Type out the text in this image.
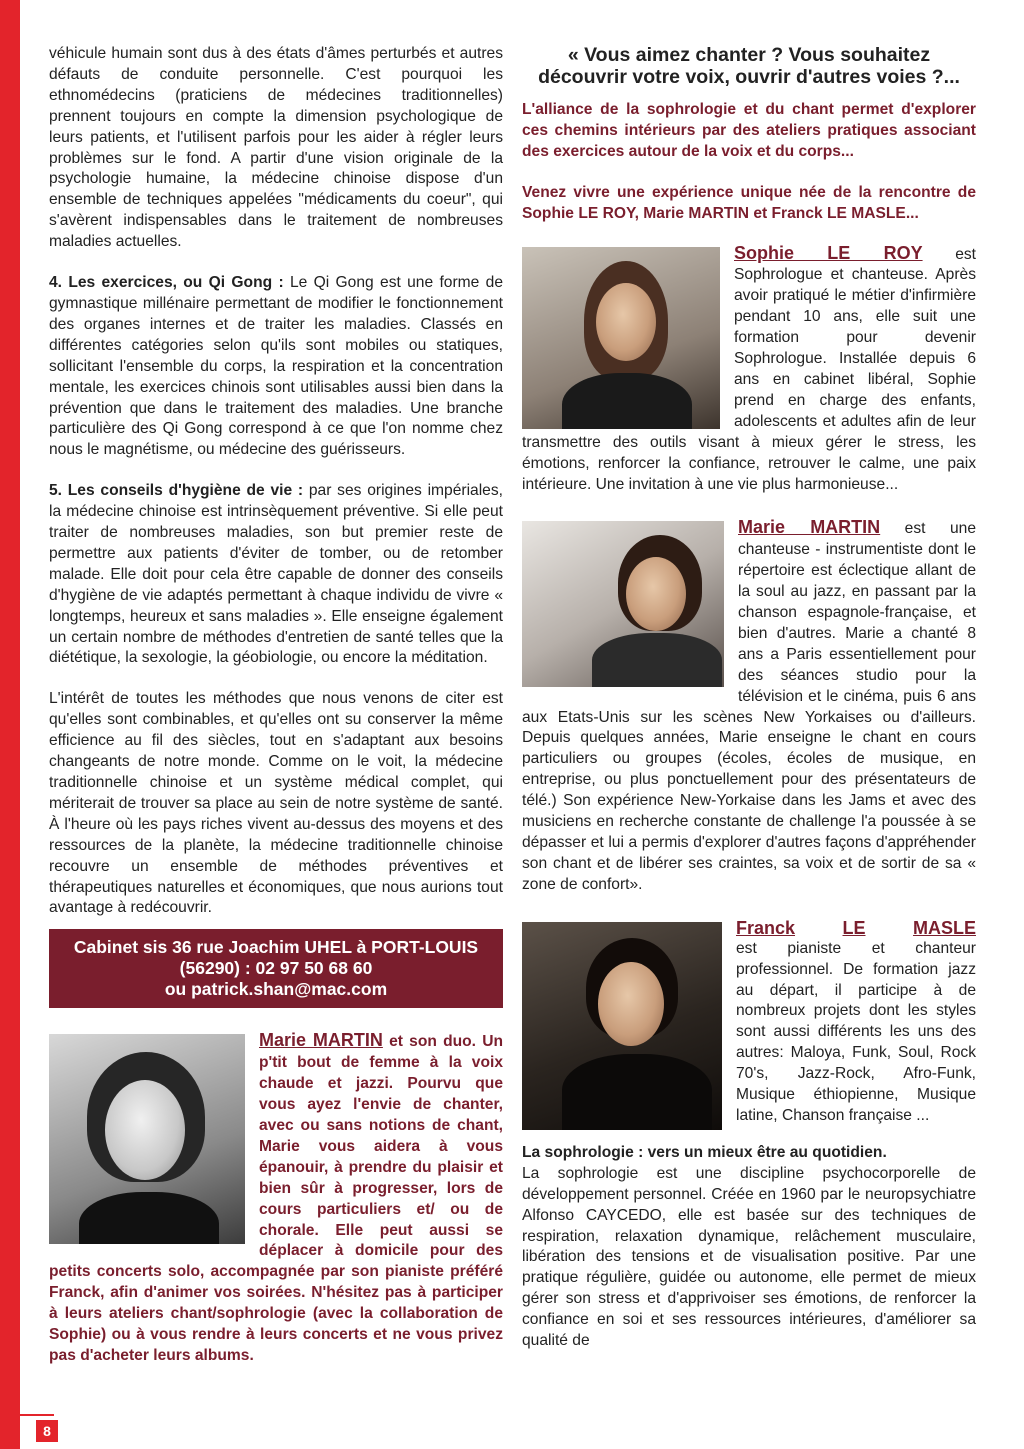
8

véhicule humain sont dus à des états d'âmes perturbés et autres défauts de conduite personnelle. C'est pourquoi les ethnomédecins (praticiens de médecines traditionnelles) prennent toujours en compte la dimension psychologique de leurs patients, et l'utilisent parfois pour les aider à régler leurs problèmes sur le fond. A partir d'une vision originale de la psychologie humaine, la médecine chinoise dispose d'un ensemble de techniques appelées "médicaments du coeur", qui s'avèrent indispensables dans le traitement de nombreuses maladies actuelles.

4. Les exercices, ou Qi Gong : Le Qi Gong est une forme de gymnastique millénaire permettant de modifier le fonctionnement des organes internes et de traiter les maladies. Classés en différentes catégories selon qu'ils sont mobiles ou statiques, sollicitant l'ensemble du corps, la respiration et la concentration mentale, les exercices chinois sont utilisables aussi bien dans la prévention que dans le traitement des maladies. Une branche particulière des Qi Gong correspond à ce que l'on nomme chez nous le magnétisme, ou médecine des guérisseurs.

5. Les conseils d'hygiène de vie : par ses origines impériales, la médecine chinoise est intrinsèquement préventive. Si elle peut traiter de nombreuses maladies, son but premier reste de permettre aux patients d'éviter de tomber, ou de retomber malade. Elle doit pour cela être capable de donner des conseils d'hygiène de vie adaptés permettant à chaque individu de vivre « longtemps, heureux et sans maladies ». Elle enseigne également un certain nombre de méthodes d'entretien de santé telles que la diététique, la sexologie, la géobiologie, ou encore la méditation.

L'intérêt de toutes les méthodes que nous venons de citer est qu'elles sont combinables, et qu'elles ont su conserver la même efficience au fil des siècles, tout en s'adaptant aux besoins changeants de notre monde. Comme on le voit, la médecine traditionnelle chinoise et un système médical complet, qui mériterait de trouver sa place au sein de notre système de santé. À l'heure où les pays riches vivent au-dessus des moyens et des ressources de la planète, la médecine traditionnelle chinoise recouvre un ensemble de méthodes préventives et thérapeutiques naturelles et économiques, que nous aurions tout avantage à redécouvrir.

Cabinet sis 36 rue Joachim UHEL à PORT-LOUIS
(56290) : 02 97 50 68 60
ou patrick.shan@mac.com

Marie MARTIN et son duo. Un p'tit bout de femme à la voix chaude et jazzi. Pourvu que vous ayez l'envie de chanter, avec ou sans notions de chant, Marie vous aidera à vous épanouir, à prendre du plaisir et bien sûr à progresser, lors de cours particuliers et/ ou de chorale. Elle peut aussi se déplacer à domicile pour des petits concerts solo, accompagnée par son pianiste préféré Franck, afin d'animer vos soirées. N'hésitez pas à participer à leurs ateliers chant/sophrologie (avec la collaboration de Sophie) ou à vous rendre à leurs concerts et ne vous privez pas d'acheter leurs albums.

« Vous aimez chanter ? Vous souhaitez découvrir votre voix, ouvrir d'autres voies ?...

L'alliance de la sophrologie et du chant permet d'explorer ces chemins intérieurs par des ateliers pratiques associant des exercices autour de la voix et du corps...

Venez vivre une expérience unique née de la rencontre de Sophie LE ROY, Marie MARTIN et Franck LE MASLE...

Sophie LE ROY est Sophrologue et chanteuse. Après avoir pratiqué le métier d'infirmière pendant 10 ans, elle suit une formation pour devenir Sophrologue. Installée depuis 6 ans en cabinet libéral, Sophie prend en charge des enfants, adolescents et adultes afin de leur transmettre des outils visant à mieux gérer le stress, les émotions, renforcer la confiance, retrouver le calme, une paix intérieure. Une invitation à une vie plus harmonieuse...

Marie MARTIN est une chanteuse - instrumentiste dont le répertoire est éclectique allant de la soul au jazz, en passant par la chanson espagnole-française, et bien d'autres. Marie a chanté 8 ans a Paris essentiellement pour des séances studio pour la télévision et le cinéma, puis 6 ans aux Etats-Unis sur les scènes New Yorkaises ou d'ailleurs. Depuis quelques années, Marie enseigne le chant en cours particuliers ou groupes (écoles, écoles de musique, en entreprise, ou plus ponctuellement pour des présentateurs de télé.) Son expérience New-Yorkaise dans les Jams et avec des musiciens en recherche constante de challenge l'a poussée à se dépasser et lui a permis d'explorer d'autres façons d'appréhender son chant et de libérer ses craintes, sa voix et de sortir de sa « zone de confort».

Franck	LE	MASLE

est pianiste et chanteur professionnel. De formation jazz au départ, il participe à de nombreux projets dont les styles sont aussi différents les uns des autres: Maloya, Funk, Soul, Rock 70's, Jazz-Rock, Afro-Funk, Musique éthiopienne, Musique latine, Chanson française ...

La sophrologie : vers un mieux être au quotidien.

La sophrologie est une discipline psychocorporelle de développement personnel. Créée en 1960 par le neuropsychiatre Alfonso CAYCEDO, elle est basée sur des techniques de respiration, relaxation dynamique, relâchement musculaire, libération des tensions et de visualisation positive. Par une pratique régulière, guidée ou autonome, elle permet de mieux gérer son stress et d'apprivoiser ses émotions, de renforcer la confiance en soi et ses ressources intérieures, d'améliorer sa qualité de
